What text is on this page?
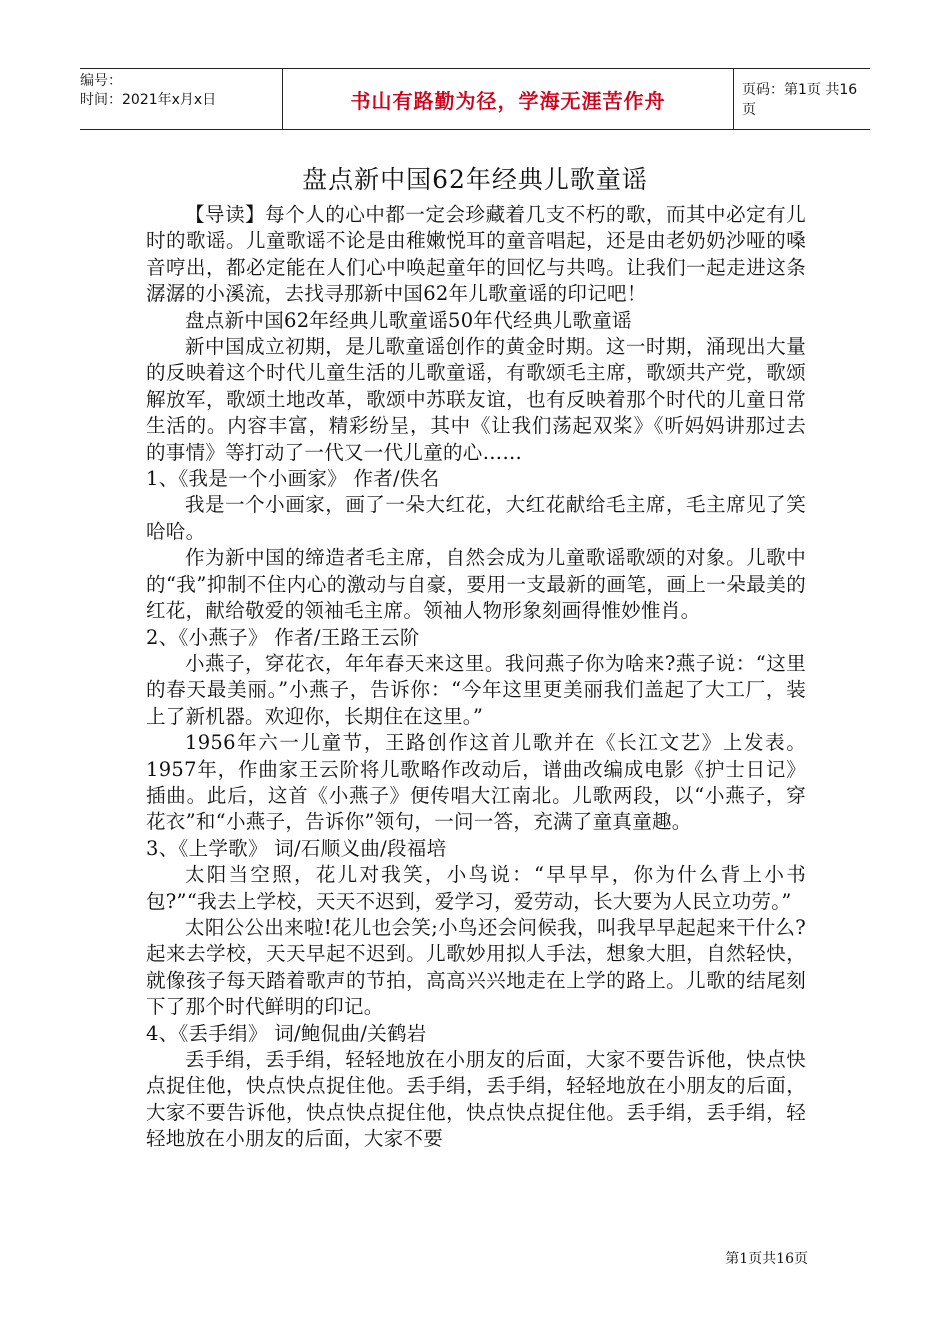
编号：
时间：2021年x月x日	书山有路勤为径，学海无涯苦作舟	页码：第1页 共16页
盘点新中国62年经典儿歌童谣

【导读】每个人的心中都一定会珍藏着几支不朽的歌，而其中必定有儿时的歌谣。儿童歌谣不论是由稚嫩悦耳的童音唱起，还是由老奶奶沙哑的嗓音哼出，都必定能在人们心中唤起童年的回忆与共鸣。让我们一起走进这条潺潺的小溪流，去找寻那新中国62年儿歌童谣的印记吧！

盘点新中国62年经典儿歌童谣50年代经典儿歌童谣

新中国成立初期，是儿歌童谣创作的黄金时期。这一时期，涌现出大量的反映着这个时代儿童生活的儿歌童谣，有歌颂毛主席，歌颂共产党，歌颂解放军，歌颂土地改革，歌颂中苏联友谊，也有反映着那个时代的儿童日常生活的。内容丰富，精彩纷呈，其中《让我们荡起双桨》《听妈妈讲那过去的事情》等打动了一代又一代儿童的心……

1、《我是一个小画家》 作者/佚名

我是一个小画家，画了一朵大红花，大红花献给毛主席，毛主席见了笑哈哈。

作为新中国的缔造者毛主席，自然会成为儿童歌谣歌颂的对象。儿歌中的“我”抑制不住内心的激动与自豪，要用一支最新的画笔，画上一朵最美的红花，献给敬爱的领袖毛主席。领袖人物形象刻画得惟妙惟肖。

2、《小燕子》 作者/王路王云阶

小燕子，穿花衣，年年春天来这里。我问燕子你为啥来?燕子说：“这里的春天最美丽。”小燕子，告诉你：“今年这里更美丽我们盖起了大工厂，装上了新机器。欢迎你，长期住在这里。”

1956年六一儿童节，王路创作这首儿歌并在《长江文艺》上发表。1957年，作曲家王云阶将儿歌略作改动后，谱曲改编成电影《护士日记》插曲。此后，这首《小燕子》便传唱大江南北。儿歌两段，以“小燕子，穿花衣”和“小燕子，告诉你”领句，一问一答，充满了童真童趣。

3、《上学歌》 词/石顺义曲/段福培

太阳当空照，花儿对我笑，小鸟说：“早早早，你为什么背上小书包?”“我去上学校，天天不迟到，爱学习，爱劳动，长大要为人民立功劳。”

太阳公公出来啦!花儿也会笑;小鸟还会问候我，叫我早早起起来干什么?起来去学校，天天早起不迟到。儿歌妙用拟人手法，想象大胆，自然轻快，就像孩子每天踏着歌声的节拍，高高兴兴地走在上学的路上。儿歌的结尾刻下了那个时代鲜明的印记。

4、《丢手绢》 词/鲍侃曲/关鹤岩

丢手绢，丢手绢，轻轻地放在小朋友的后面，大家不要告诉他，快点快点捉住他，快点快点捉住他。丢手绢，丢手绢，轻轻地放在小朋友的后面，大家不要告诉他，快点快点捉住他，快点快点捉住他。丢手绢，丢手绢，轻轻地放在小朋友的后面，大家不要

第1页共16页
